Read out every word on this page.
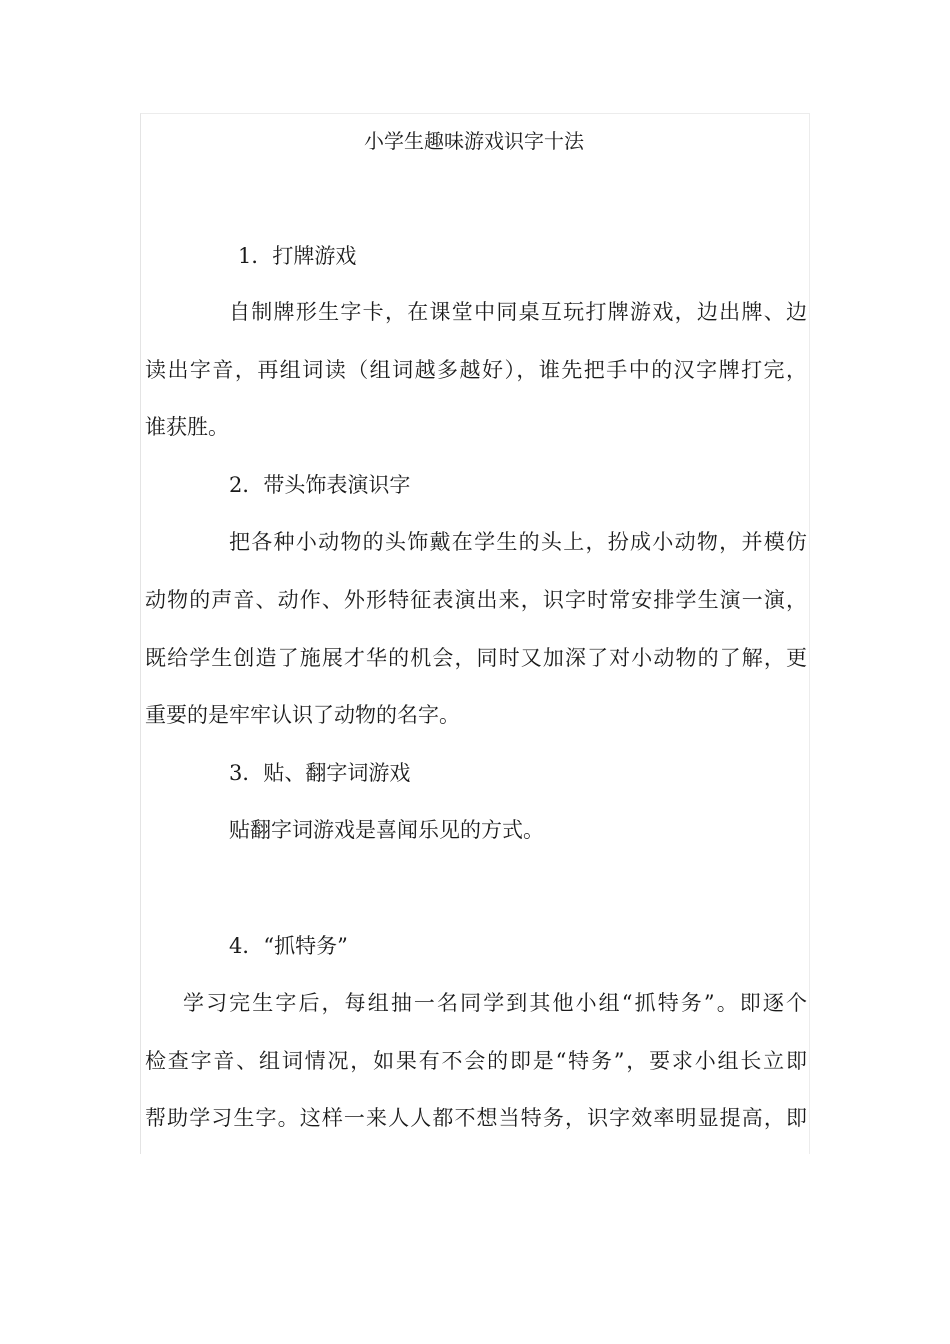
小学生趣味游戏识字十法
1．打牌游戏
自制牌形生字卡，在课堂中同桌互玩打牌游戏，边出牌、边
读出字音，再组词读（组词越多越好），谁先把手中的汉字牌打完，
谁获胜。
2．带头饰表演识字
把各种小动物的头饰戴在学生的头上，扮成小动物，并模仿
动物的声音、动作、外形特征表演出来，识字时常安排学生演一演，
既给学生创造了施展才华的机会，同时又加深了对小动物的了解，更
重要的是牢牢认识了动物的名字。
3．贴、翻字词游戏
贴翻字词游戏是喜闻乐见的方式。
4．“抓特务”
学习完生字后，每组抽一名同学到其他小组“抓特务”。即逐个
检查字音、组词情况，如果有不会的即是“特务”，要求小组长立即
帮助学习生字。这样一来人人都不想当特务，识字效率明显提高，即
